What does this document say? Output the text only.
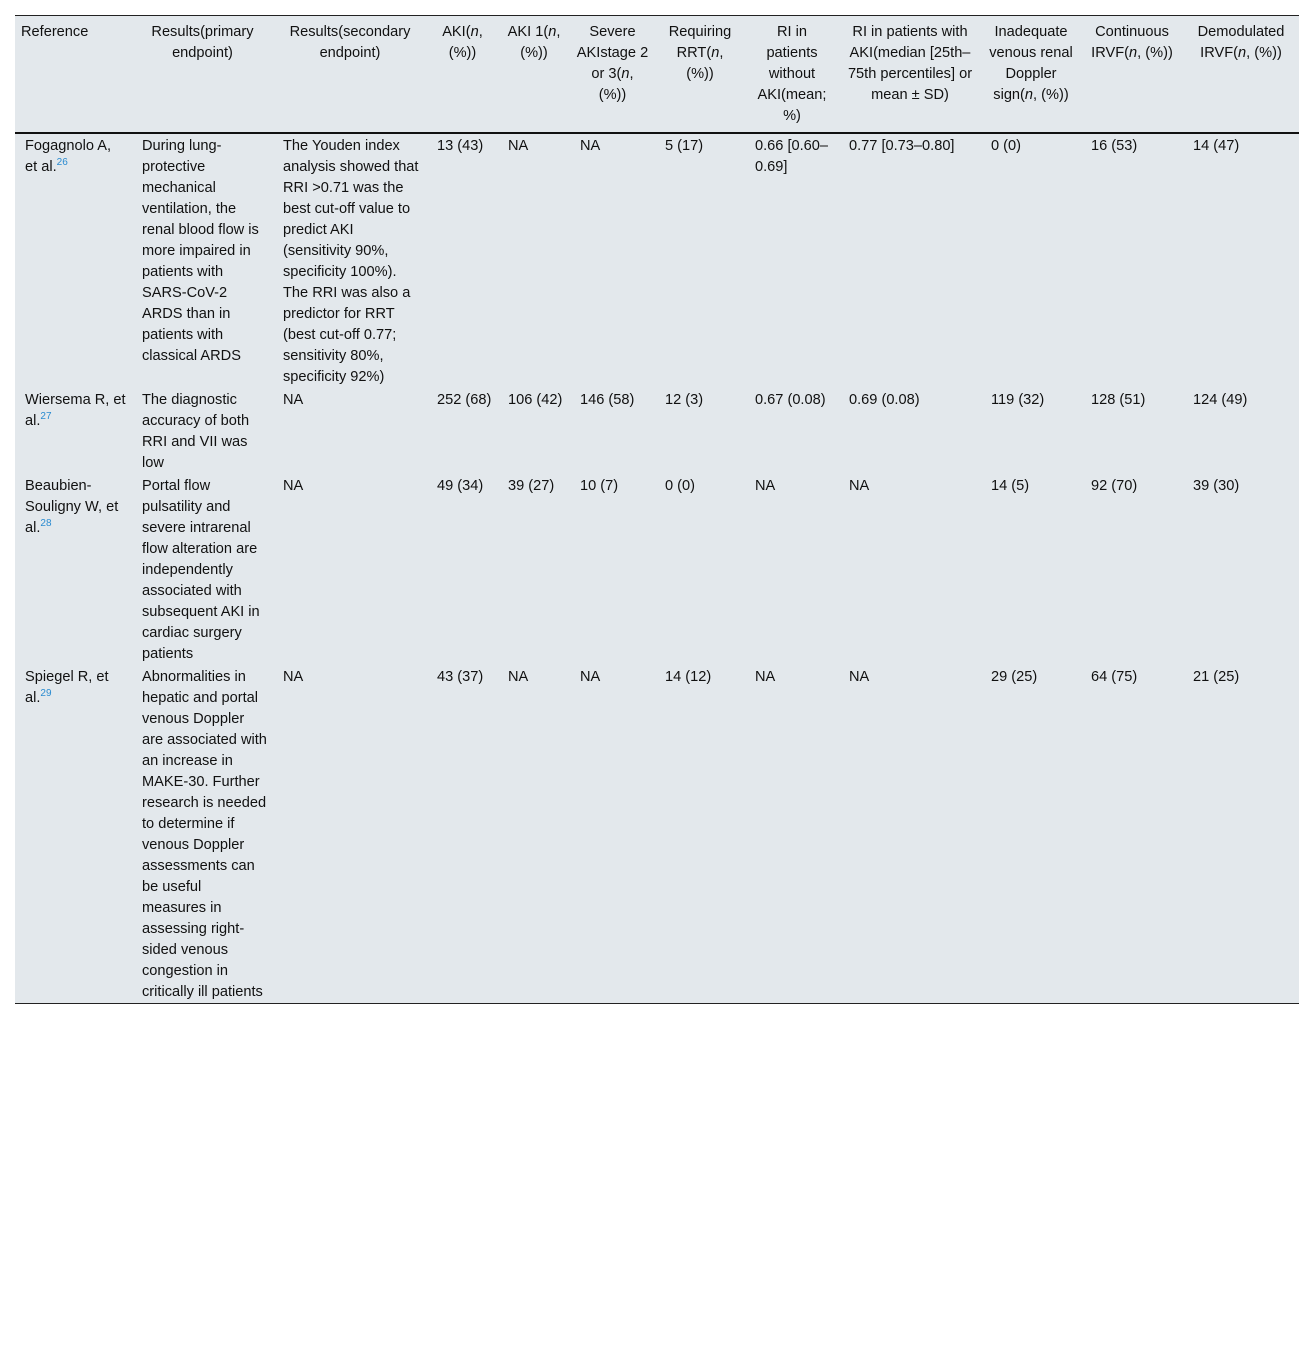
Reference	Results(primary endpoint)	Results(secondary endpoint)	AKI(n, (%))	AKI 1(n, (%))	Severe AKIstage 2 or 3(n, (%))	Requiring RRT(n, (%))	RI in patients without AKI(mean; %)	RI in patients with AKI(median [25th–75th percentiles] or mean ± SD)	Inadequate venous renal Doppler sign(n, (%))	Continuous IRVF(n, (%))	Demodulated IRVF(n, (%))
Fogagnolo A, et al.$^{26}$	During lung-protective mechanical ventilation, the renal blood flow is more impaired in patients with SARS-CoV-2 ARDS than in patients with classical ARDS	The Youden index analysis showed that RRI >0.71 was the best cut-off value to predict AKI (sensitivity 90%, specificity 100%). The RRI was also a predictor for RRT (best cut-off 0.77; sensitivity 80%, specificity 92%)	13 (43)	NA	NA	5 (17)	0.66 [0.60–0.69]	0.77 [0.73–0.80]	0 (0)	16 (53)	14 (47)
Wiersema R, et al.$^{27}$	The diagnostic accuracy of both RRI and VII was low	NA	252 (68)	106 (42)	146 (58)	12 (3)	0.67 (0.08)	0.69 (0.08)	119 (32)	128 (51)	124 (49)
Beaubien-Souligny W, et al.$^{28}$	Portal flow pulsatility and severe intrarenal flow alteration are independently associated with subsequent AKI in cardiac surgery patients	NA	49 (34)	39 (27)	10 (7)	0 (0)	NA	NA	14 (5)	92 (70)	39 (30)
Spiegel R, et al.$^{29}$	Abnormalities in hepatic and portal venous Doppler are associated with an increase in MAKE-30. Further research is needed to determine if venous Doppler assessments can be useful measures in assessing right-sided venous congestion in critically ill patients	NA	43 (37)	NA	NA	14 (12)	NA	NA	29 (25)	64 (75)	21 (25)
